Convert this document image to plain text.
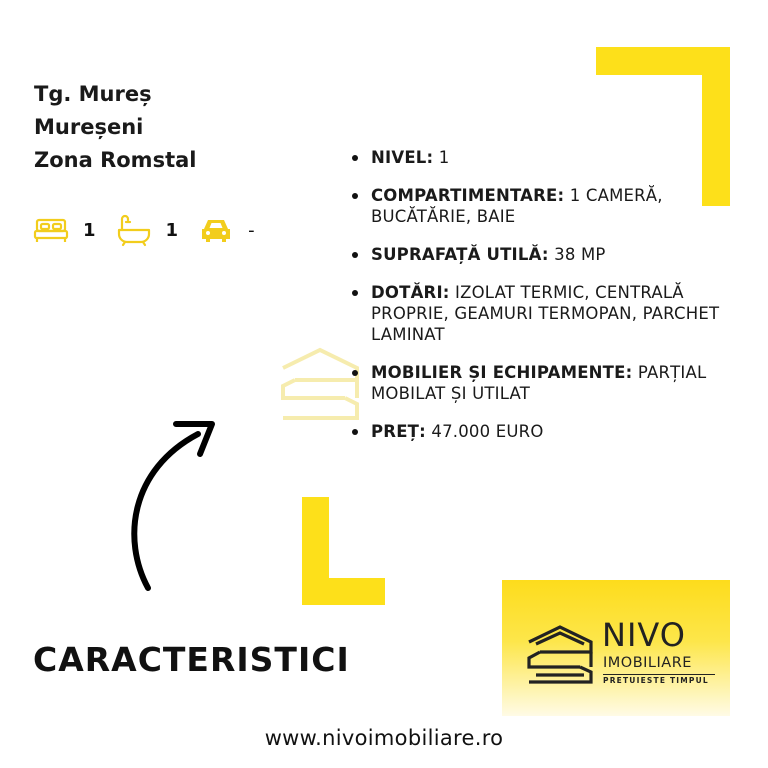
Tg. Mureș
Mureșeni
Zona Romstal
1	1	-
NIVEL: 1
COMPARTIMENTARE: 1 CAMERĂ, BUCĂTĂRIE, BAIE
SUPRAFAȚĂ UTILĂ: 38 MP
DOTĂRI: IZOLAT TERMIC, CENTRALĂ PROPRIE, GEAMURI TERMOPAN, PARCHET LAMINAT
MOBILIER ȘI ECHIPAMENTE: PARȚIAL MOBILAT ȘI UTILAT
PREȚ: 47.000 EURO
CARACTERISTICI
NIVO
IMOBILIARE
PRETUIESTE TIMPUL
www.nivoimobiliare.ro
